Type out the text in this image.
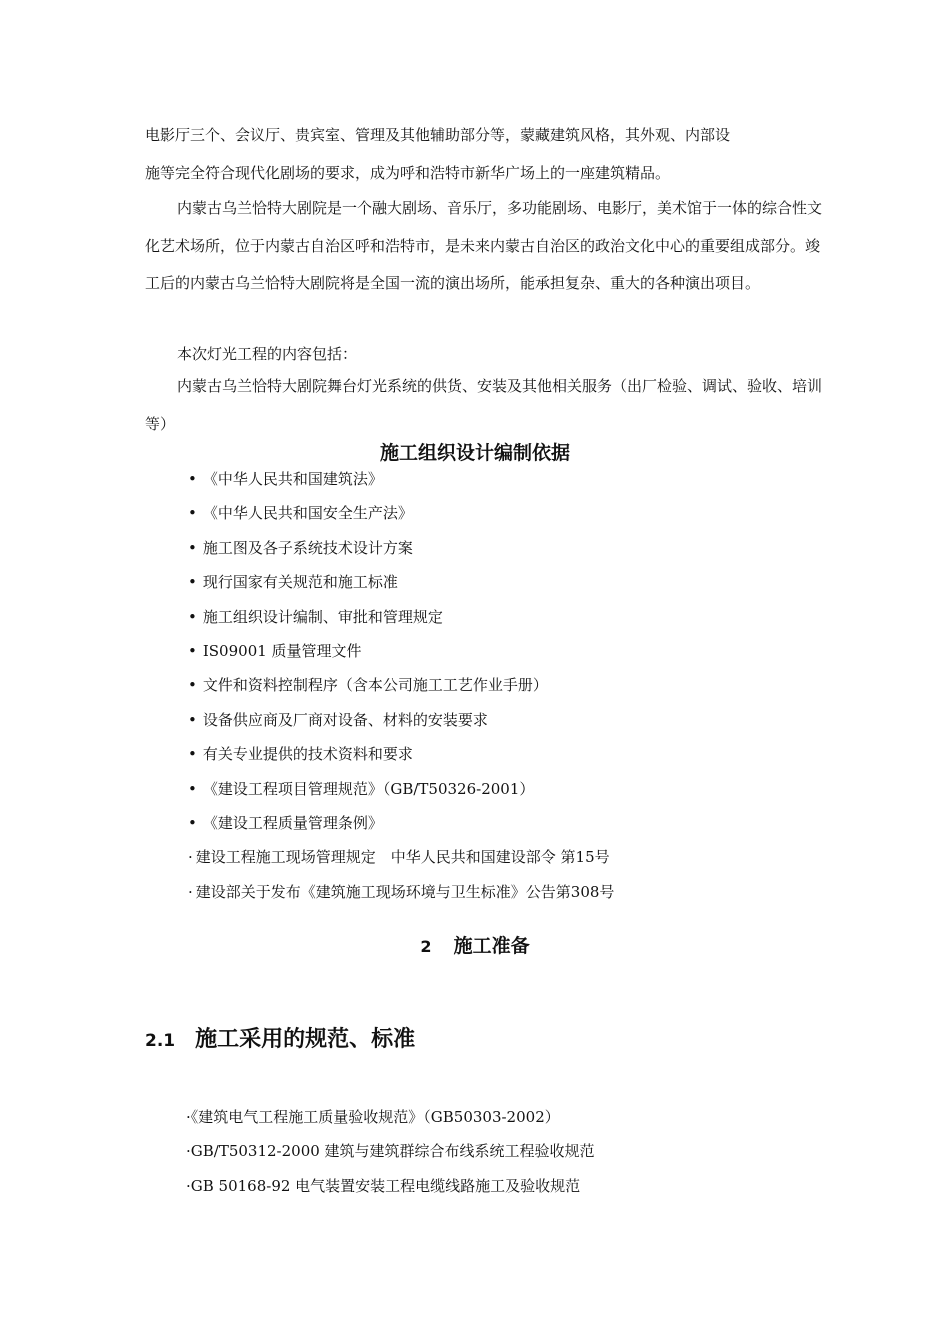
电影厅三个、会议厅、贵宾室、管理及其他辅助部分等，蒙藏建筑风格，其外观、内部设
施等完全符合现代化剧场的要求，成为呼和浩特市新华广场上的一座建筑精品。

内蒙古乌兰恰特大剧院是一个融大剧场、音乐厅，多功能剧场、电影厅，美术馆于一体的综合性文化艺术场所，位于内蒙古自治区呼和浩特市，是未来内蒙古自治区的政治文化中心的重要组成部分。竣工后的内蒙古乌兰恰特大剧院将是全国一流的演出场所，能承担复杂、重大的各种演出项目。

本次灯光工程的内容包括：

内蒙古乌兰恰特大剧院舞台灯光系统的供货、安装及其他相关服务（出厂检验、调试、验收、培训等）

施工组织设计编制依据
• 《中华人民共和国建筑法》
• 《中华人民共和国安全生产法》
• 施工图及各子系统技术设计方案
• 现行国家有关规范和施工标准
• 施工组织设计编制、审批和管理规定
• IS09001 质量管理文件
• 文件和资料控制程序（含本公司施工工艺作业手册）
• 设备供应商及厂商对设备、材料的安装要求
• 有关专业提供的技术资料和要求
• 《建设工程项目管理规范》（GB/T50326-2001）
• 《建设工程质量管理条例》
· 建设工程施工现场管理规定　中华人民共和国建设部令 第15号
· 建设部关于发布《建筑施工现场环境与卫生标准》公告第308号
2 施工准备
2.1 施工采用的规范、标准
·《建筑电气工程施工质量验收规范》（GB50303-2002）
·GB/T50312-2000 建筑与建筑群综合布线系统工程验收规范
·GB 50168-92 电气装置安装工程电缆线路施工及验收规范
